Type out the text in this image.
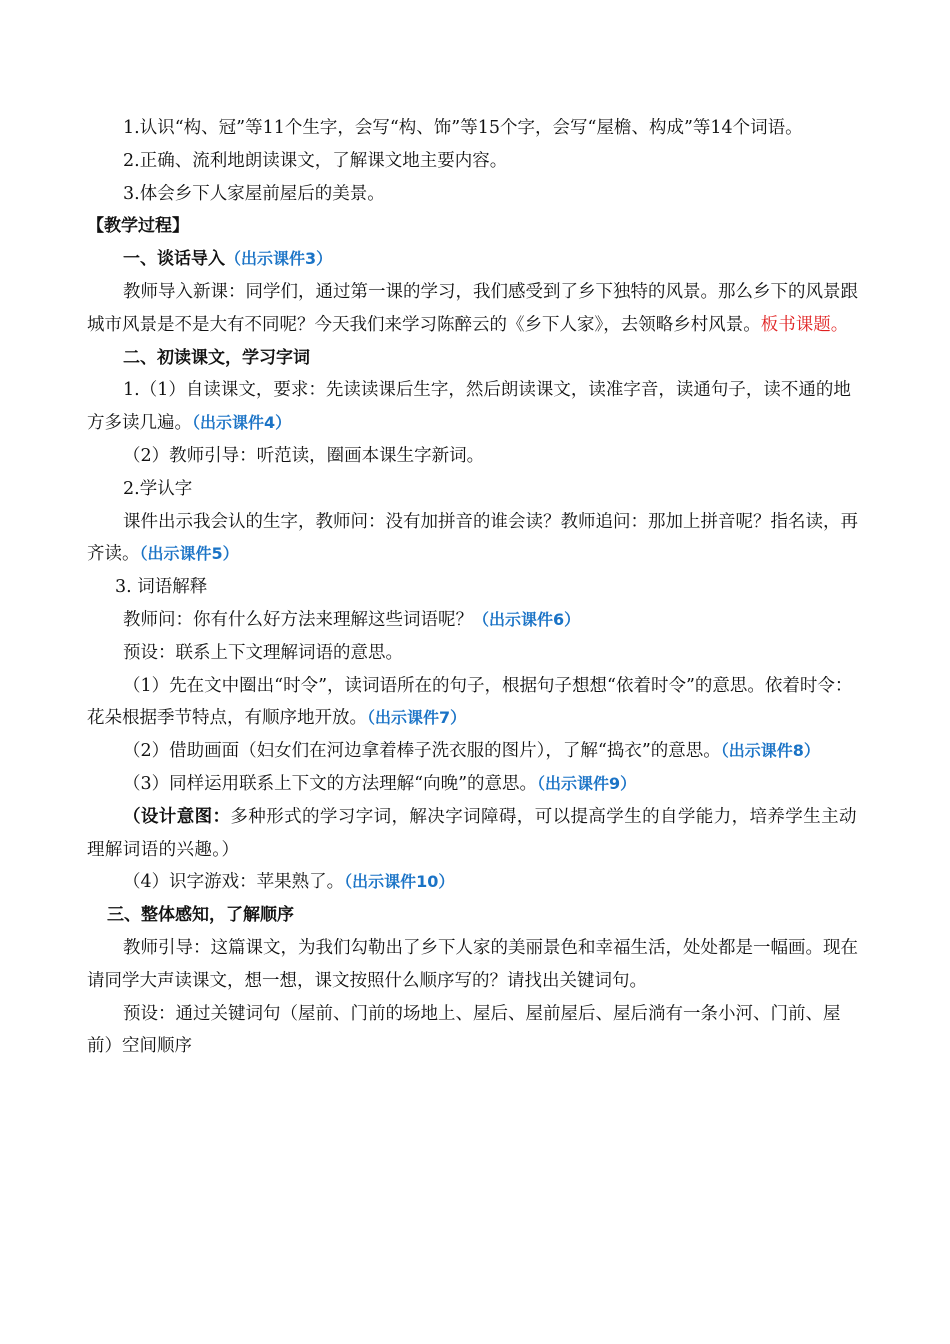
1.认识“构、冠”等11个生字，会写“构、饰”等15个字，会写“屋檐、构成”等14个词语。

2.正确、流利地朗读课文，了解课文地主要内容。

3.体会乡下人家屋前屋后的美景。

【教学过程】

一、谈话导入（出示课件3）

教师导入新课：同学们，通过第一课的学习，我们感受到了乡下独特的风景。那么乡下的风景跟城市风景是不是大有不同呢？今天我们来学习陈醉云的《乡下人家》，去领略乡村风景。板书课题。

二、初读课文，学习字词

1.（1）自读课文，要求：先读读课后生字，然后朗读课文，读准字音，读通句子，读不通的地方多读几遍。（出示课件4）

（2）教师引导：听范读，圈画本课生字新词。

2.学认字

课件出示我会认的生字，教师问：没有加拼音的谁会读？教师追问：那加上拼音呢？指名读，再齐读。（出示课件5）

3. 词语解释

教师问：你有什么好方法来理解这些词语呢？（出示课件6）

预设：联系上下文理解词语的意思。

（1）先在文中圈出“时令”，读词语所在的句子，根据句子想想“依着时令”的意思。依着时令：花朵根据季节特点，有顺序地开放。（出示课件7）

（2）借助画面（妇女们在河边拿着棒子洗衣服的图片），了解“捣衣”的意思。（出示课件8）

（3）同样运用联系上下文的方法理解“向晚”的意思。（出示课件9）

（设计意图：多种形式的学习字词，解决字词障碍，可以提高学生的自学能力，培养学生主动理解词语的兴趣。）

（4）识字游戏：苹果熟了。（出示课件10）

三、整体感知，了解顺序

教师引导：这篇课文，为我们勾勒出了乡下人家的美丽景色和幸福生活，处处都是一幅画。现在请同学大声读课文，想一想，课文按照什么顺序写的？请找出关键词句。

预设：通过关键词句（屋前、门前的场地上、屋后、屋前屋后、屋后淌有一条小河、门前、屋前）空间顺序
